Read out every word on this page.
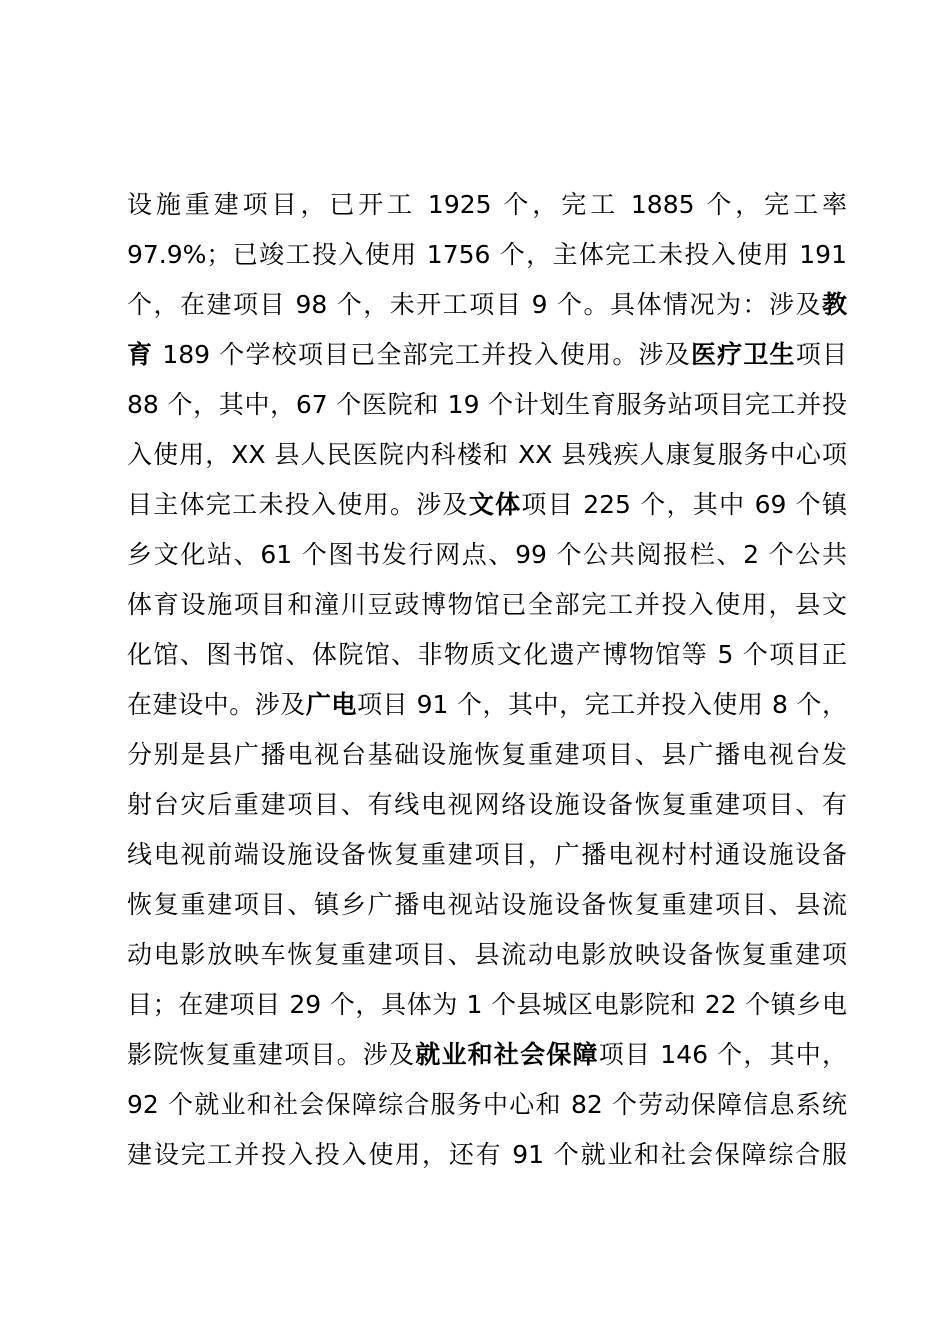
设施重建项目，已开工 1925 个，完工 1885 个，完工率
97.9%；已竣工投入使用 1756 个，主体完工未投入使用 191
个，在建项目 98 个，未开工项目 9 个。具体情况为：涉及教
育 189 个学校项目已全部完工并投入使用。涉及医疗卫生项目
88 个，其中，67 个医院和 19 个计划生育服务站项目完工并投
入使用，XX 县人民医院内科楼和 XX 县残疾人康复服务中心项
目主体完工未投入使用。涉及文体项目 225 个，其中 69 个镇
乡文化站、61 个图书发行网点、99 个公共阅报栏、2 个公共
体育设施项目和潼川豆豉博物馆已全部完工并投入使用，县文
化馆、图书馆、体院馆、非物质文化遗产博物馆等 5 个项目正
在建设中。涉及广电项目 91 个，其中，完工并投入使用 8 个，
分别是县广播电视台基础设施恢复重建项目、县广播电视台发
射台灾后重建项目、有线电视网络设施设备恢复重建项目、有
线电视前端设施设备恢复重建项目，广播电视村村通设施设备
恢复重建项目、镇乡广播电视站设施设备恢复重建项目、县流
动电影放映车恢复重建项目、县流动电影放映设备恢复重建项
目；在建项目 29 个，具体为 1 个县城区电影院和 22 个镇乡电
影院恢复重建项目。涉及就业和社会保障项目 146 个，其中，
92 个就业和社会保障综合服务中心和 82 个劳动保障信息系统
建设完工并投入投入使用，还有 91 个就业和社会保障综合服
